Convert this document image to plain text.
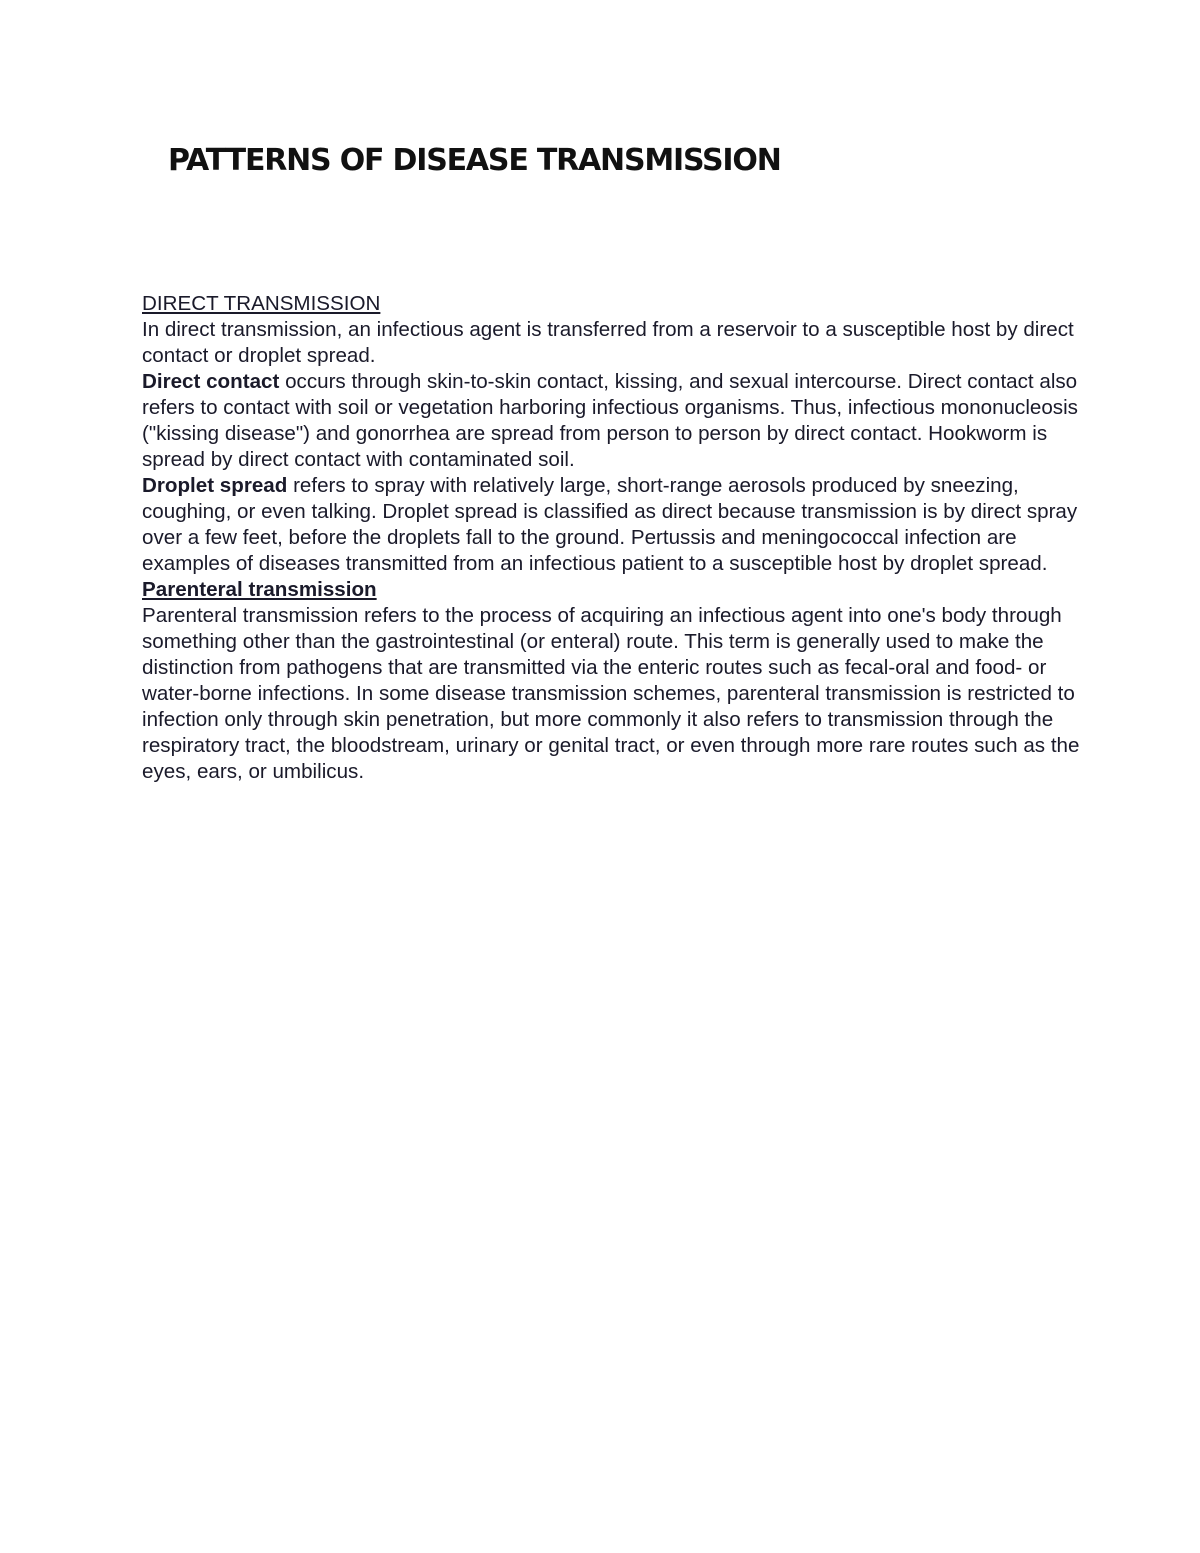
PATTERNS OF DISEASE TRANSMISSION

DIRECT TRANSMISSION

In direct transmission, an infectious agent is transferred from a reservoir to a susceptible host by direct contact or droplet spread.

Direct contact occurs through skin-to-skin contact, kissing, and sexual intercourse. Direct contact also refers to contact with soil or vegetation harboring infectious organisms. Thus, infectious mononucleosis ("kissing disease") and gonorrhea are spread from person to person by direct contact. Hookworm is spread by direct contact with contaminated soil.

Droplet spread refers to spray with relatively large, short-range aerosols produced by sneezing, coughing, or even talking. Droplet spread is classified as direct because transmission is by direct spray over a few feet, before the droplets fall to the ground. Pertussis and meningococcal infection are examples of diseases transmitted from an infectious patient to a susceptible host by droplet spread.

Parenteral transmission

Parenteral transmission refers to the process of acquiring an infectious agent into one's body through something other than the gastrointestinal (or enteral) route. This term is generally used to make the distinction from pathogens that are transmitted via the enteric routes such as fecal-oral and food- or water-borne infections. In some disease transmission schemes, parenteral transmission is restricted to infection only through skin penetration, but more commonly it also refers to transmission through the respiratory tract, the bloodstream, urinary or genital tract, or even through more rare routes such as the eyes, ears, or umbilicus.
